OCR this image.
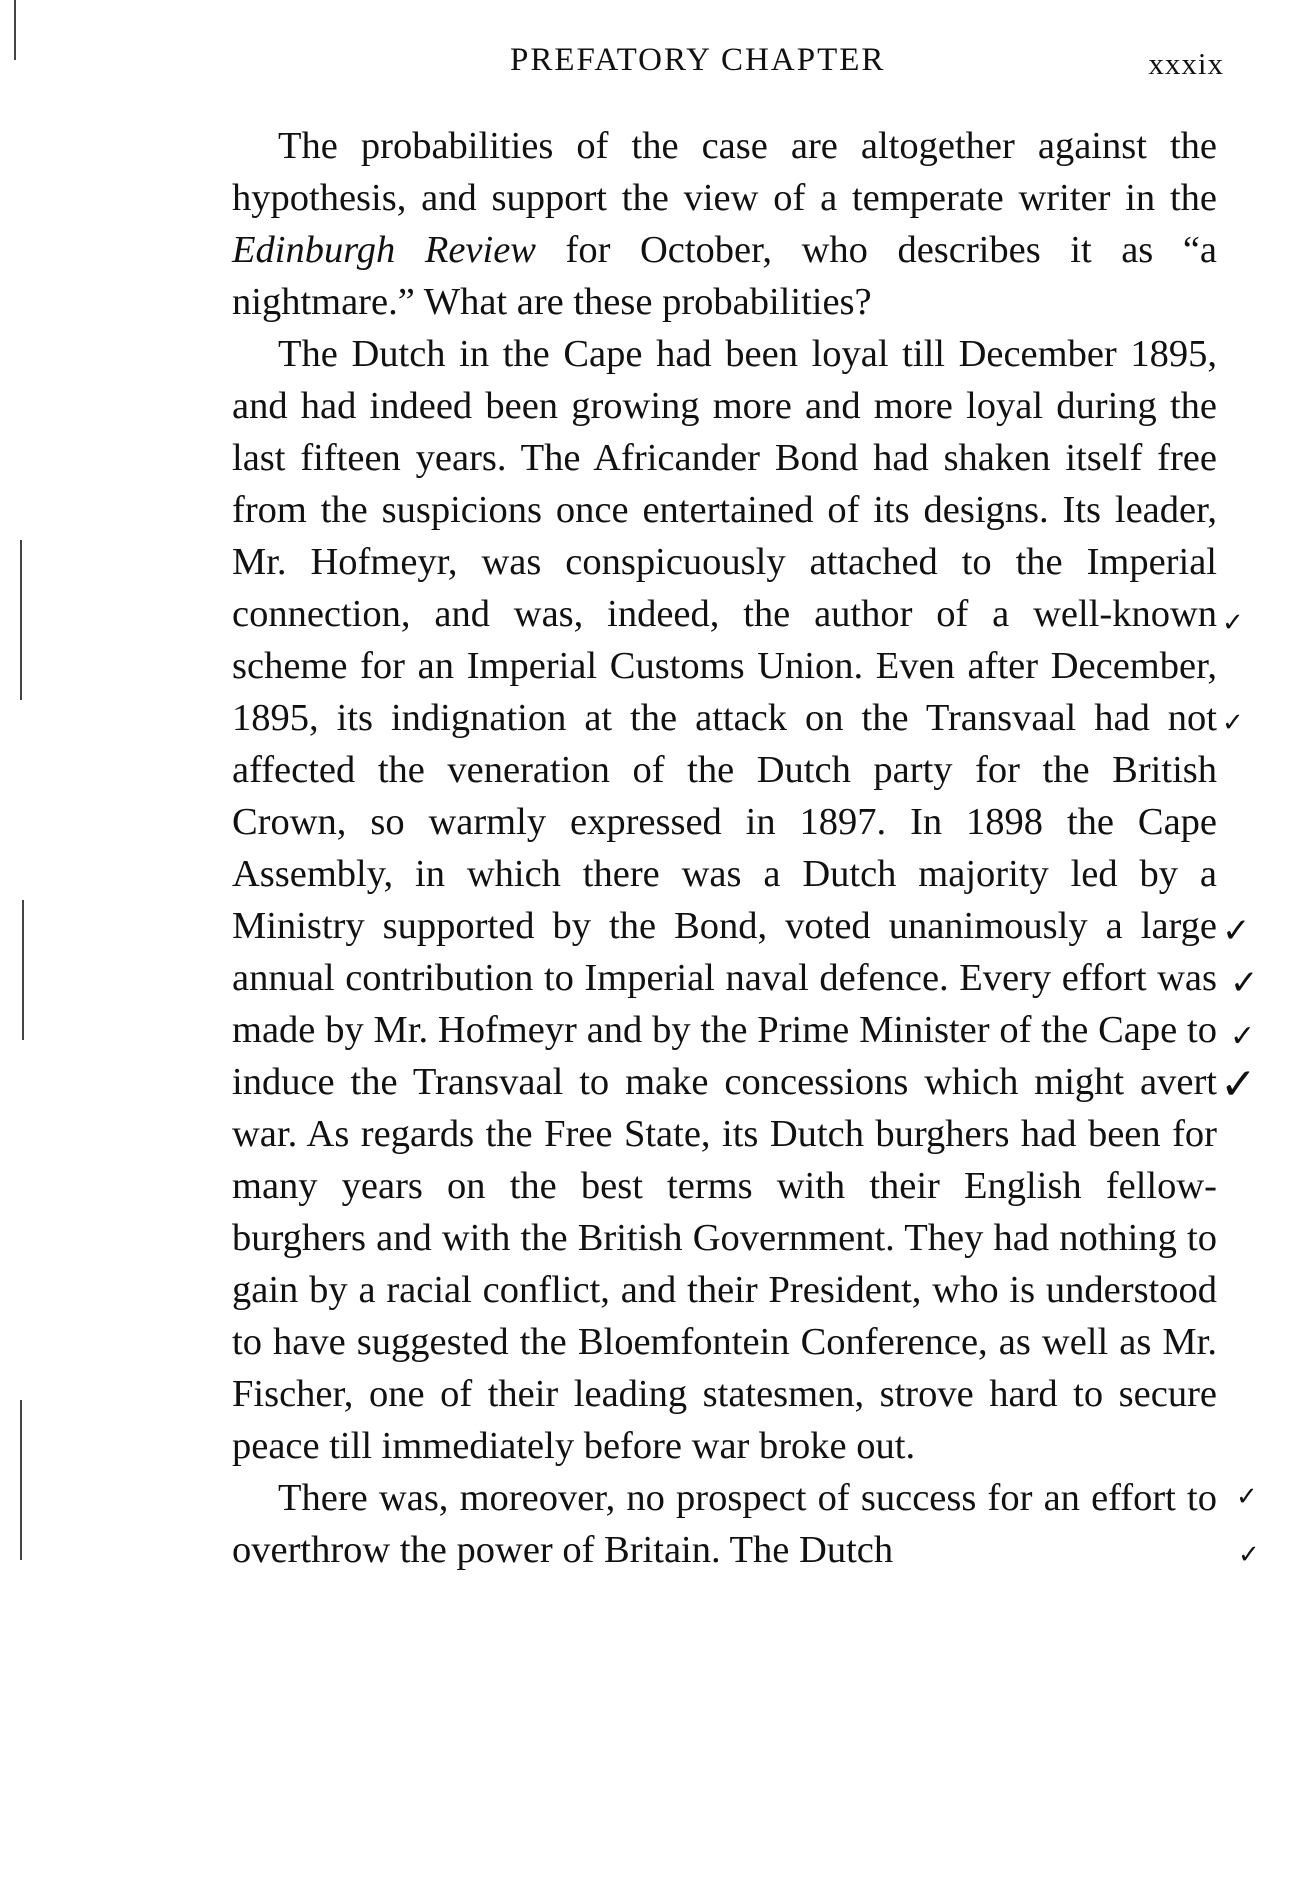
PREFATORY CHAPTER	xxxix

The probabilities of the case are altogether against the hypothesis, and support the view of a temperate writer in the Edinburgh Review for October, who describes it as “a nightmare.” What are these probabilities?

The Dutch in the Cape had been loyal till December 1895, and had indeed been growing more and more loyal during the last fifteen years. The Africander Bond had shaken itself free from the suspicions once entertained of its designs. Its leader, Mr. Hofmeyr, was conspicuously attached to the Imperial connection, and was, indeed, the author of a well-known scheme for an Imperial Customs Union. Even after December, 1895, its indignation at the attack on the Transvaal had not affected the veneration of the Dutch party for the British Crown, so warmly expressed in 1897. In 1898 the Cape Assembly, in which there was a Dutch majority led by a Ministry supported by the Bond, voted unanimously a large annual contribution to Imperial naval defence. Every effort was made by Mr. Hofmeyr and by the Prime Minister of the Cape to induce the Transvaal to make concessions which might avert war. As regards the Free State, its Dutch burghers had been for many years on the best terms with their English fellow-burghers and with the British Government. They had nothing to gain by a racial conflict, and their President, who is understood to have suggested the Bloemfontein Conference, as well as Mr. Fischer, one of their leading statesmen, strove hard to secure peace till immediately before war broke out.

There was, moreover, no prospect of success for an effort to overthrow the power of Britain. The Dutch

✓
✓
✓
✓
✓
✓
✓
✓
